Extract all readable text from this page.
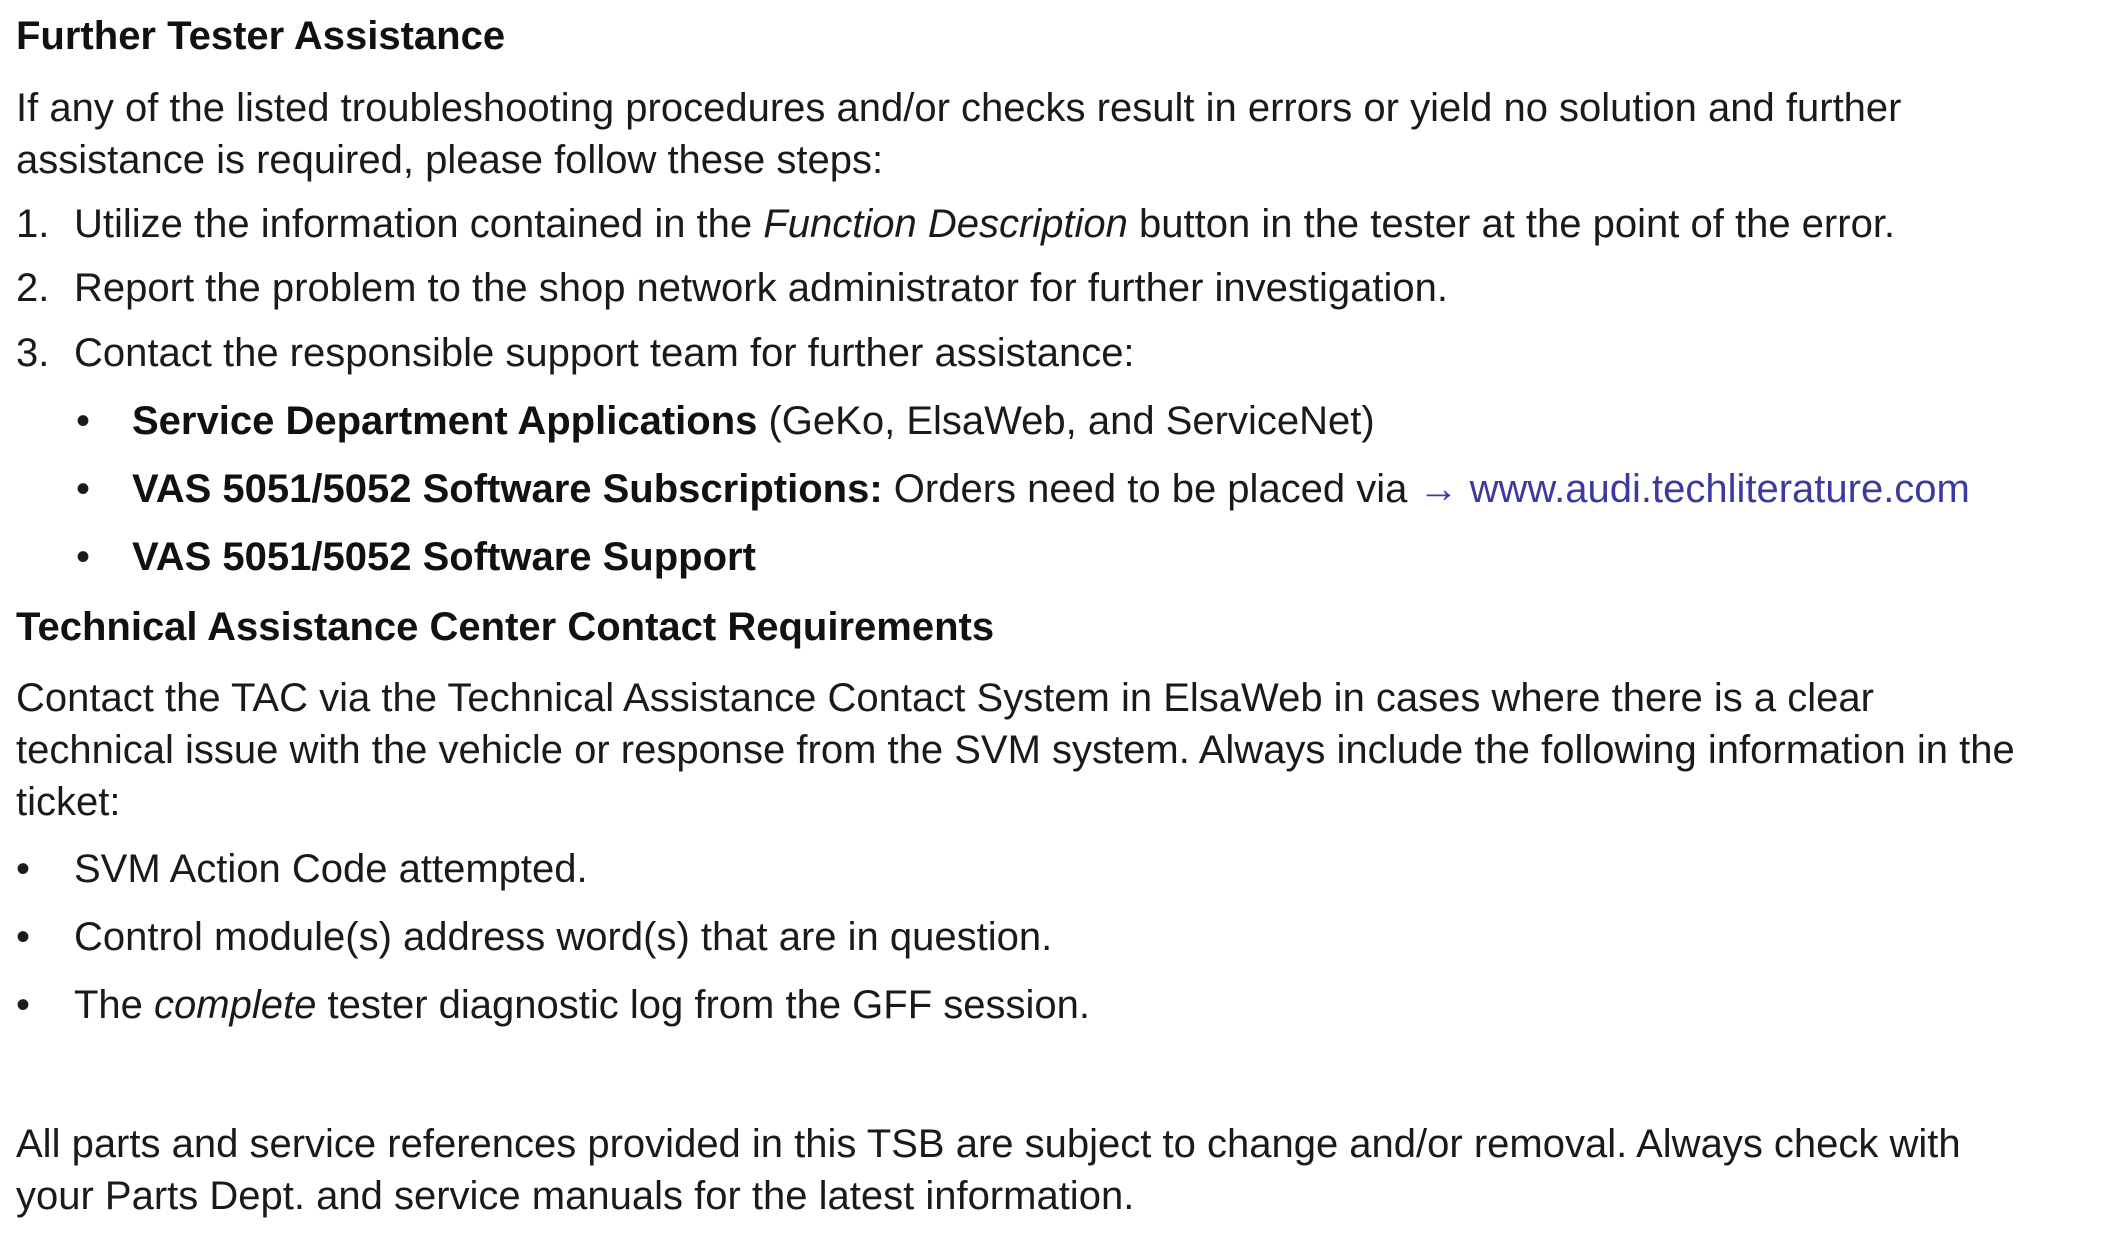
Further Tester Assistance
If any of the listed troubleshooting procedures and/or checks result in errors or yield no solution and further
assistance is required, please follow these steps:
1. Utilize the information contained in the Function Description button in the tester at the point of the error.
2. Report the problem to the shop network administrator for further investigation.
3. Contact the responsible support team for further assistance:
• Service Department Applications (GeKo, ElsaWeb, and ServiceNet)
• VAS 5051/5052 Software Subscriptions: Orders need to be placed via → www.audi.techliterature.com
• VAS 5051/5052 Software Support
Technical Assistance Center Contact Requirements
Contact the TAC via the Technical Assistance Contact System in ElsaWeb in cases where there is a clear
technical issue with the vehicle or response from the SVM system. Always include the following information in the
ticket:
• SVM Action Code attempted.
• Control module(s) address word(s) that are in question.
• The complete tester diagnostic log from the GFF session.
All parts and service references provided in this TSB are subject to change and/or removal. Always check with
your Parts Dept. and service manuals for the latest information.
